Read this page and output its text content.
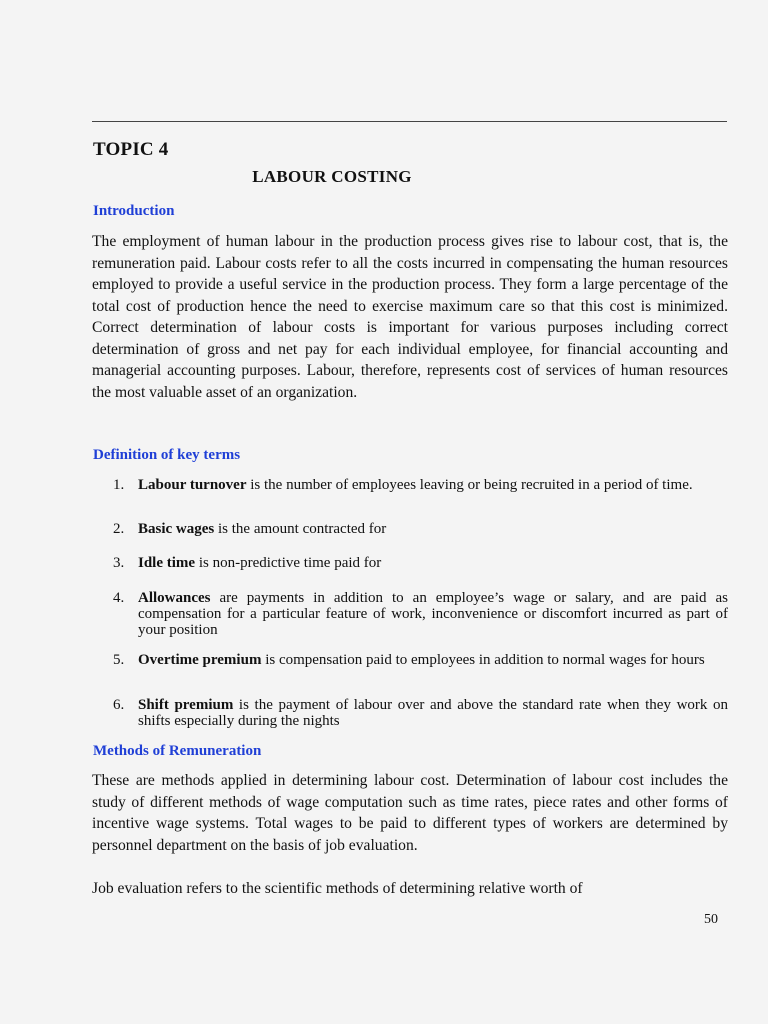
TOPIC 4
LABOUR COSTING
Introduction

The employment of human labour in the production process gives rise to labour cost, that is, the remuneration paid. Labour costs refer to all the costs incurred in compensating the human resources employed to provide a useful service in the production process. They form a large percentage of the total cost of production hence the need to exercise maximum care so that this cost is minimized. Correct determination of labour costs is important for various purposes including correct determination of gross and net pay for each individual employee, for financial accounting and managerial accounting purposes. Labour, therefore, represents cost of services of human resources the most valuable asset of an organization.

Definition of key terms
1. Labour turnover is the number of employees leaving or being recruited in a period of time.
2. Basic wages is the amount contracted for
3. Idle time is non-predictive time paid for
4. Allowances are payments in addition to an employee’s wage or salary, and are paid as compensation for a particular feature of work, inconvenience or discomfort incurred as part of your position
5. Overtime premium is compensation paid to employees in addition to normal wages for hours
6. Shift premium is the payment of labour over and above the standard rate when they work on shifts especially during the nights
Methods of Remuneration

These are methods applied in determining labour cost. Determination of labour cost includes the study of different methods of wage computation such as time rates, piece rates and other forms of incentive wage systems. Total wages to be paid to different types of workers are determined by personnel department on the basis of job evaluation.

Job evaluation refers to the scientific methods of determining relative worth of

50
